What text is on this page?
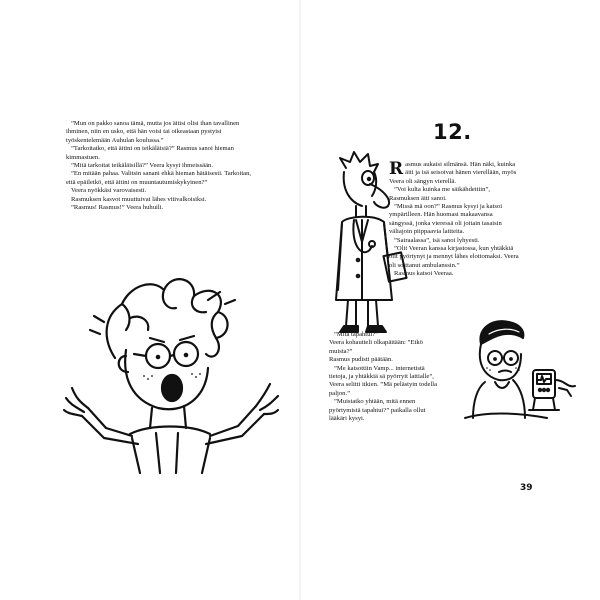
”Mun on pakko sanoa tämä, mutta jos äitisi olisi ihan tavallinen ihminen, niin en usko, että hän voisi tai oikeastaan pystyisi työskentelemään Auhulan koulussa.”

”Tarkoitatko, että äitini on teikäläisiä?” Rasmus sanoi hieman kimmastuen.

”Mitä tarkoitat teikäläisillä?” Veera kysyi ihmeissään.

”En mitään pahaa. Valitsin sanani ehkä hieman hätäisesti. Tarkoitan, että epäiletkö, että äitini on muuntautumiskykyinen?”

Veera nyökkäsi varovaisesti.

Rasmuksen kasvot muuttuivat lähes vitivalkoisiksi.

”Rasmus! Rasmus!” Veera huhuili.

12.

R asmus aukaisi silmänsä. Hän näki, kuinka äiti ja isä seisoivat hänen vierellään, myös Veera oli sängyn vierellä.

”Voi kulta kuinka me säikähdettiin”, Rasmuksen äiti sanoi.

”Missä mä oon?” Rasmus kysyi ja katsoi ympärilleen. Hän huomasi makaavansa sängyssä, jonka vieressä oli joitain tasaisin väliajoin piippaavia laitteita.

”Sairaalassa”, isä sanoi lyhyesti.

”Olit Veeran kanssa kirjastossa, kun yhtäkkiä olit pyörtynyt ja mennyt lähes elottomaksi. Veera oli soittanut ambulanssin.”

Rasmus katsoi Veeraa.

”Mitä tapahtui?”

Veera kohautteli olkapäitään: ”Etkö muista?”

Rasmus pudisti päätään.

”Me katsottiin Vamp... internetistä tietoja, ja yhtäkkiä sä pyörryit lattialle”, Veera selitti itkien. ”Mä pelästyin todella paljon.”

”Muistatko yhtään, mitä ennen pyörtymistä tapahtui?” paikalla ollut lääkäri kysyi.

39
